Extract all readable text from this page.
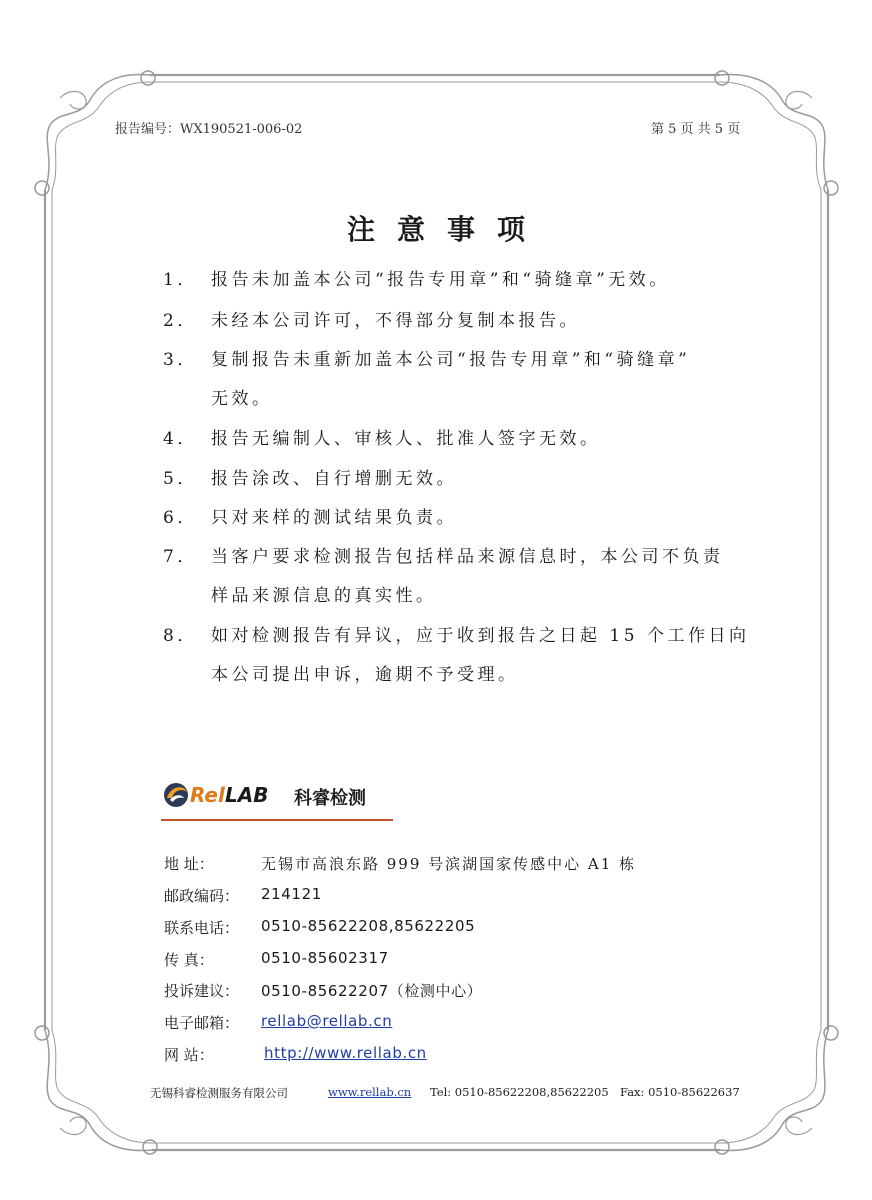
报告编号：WX190521-006-02	第 5 页 共 5 页
注意事项
1． 报告未加盖本公司“报告专用章”和“骑缝章”无效。
2． 未经本公司许可，不得部分复制本报告。
3． 复制报告未重新加盖本公司“报告专用章”和“骑缝章”
无效。
4． 报告无编制人、审核人、批准人签字无效。
5． 报告涂改、自行增删无效。
6． 只对来样的测试结果负责。
7． 当客户要求检测报告包括样品来源信息时，本公司不负责
样品来源信息的真实性。
8． 如对检测报告有异议，应于收到报告之日起 15 个工作日向
本公司提出申诉，逾期不予受理。
Rel LAB 科睿检测
地 址：	无锡市高浪东路 999 号滨湖国家传感中心 A1 栋
邮政编码： 214121
联系电话： 0510-85622208,85622205
传 真：	0510-85602317
投诉建议： 0510-85622207（检测中心）
电子邮箱： rellab@rellab.cn
网 站：	http://www.rellab.cn
无锡科睿检测服务有限公司	www.rellab.cn Tel: 0510-85622208,85622205 Fax: 0510-85622637
